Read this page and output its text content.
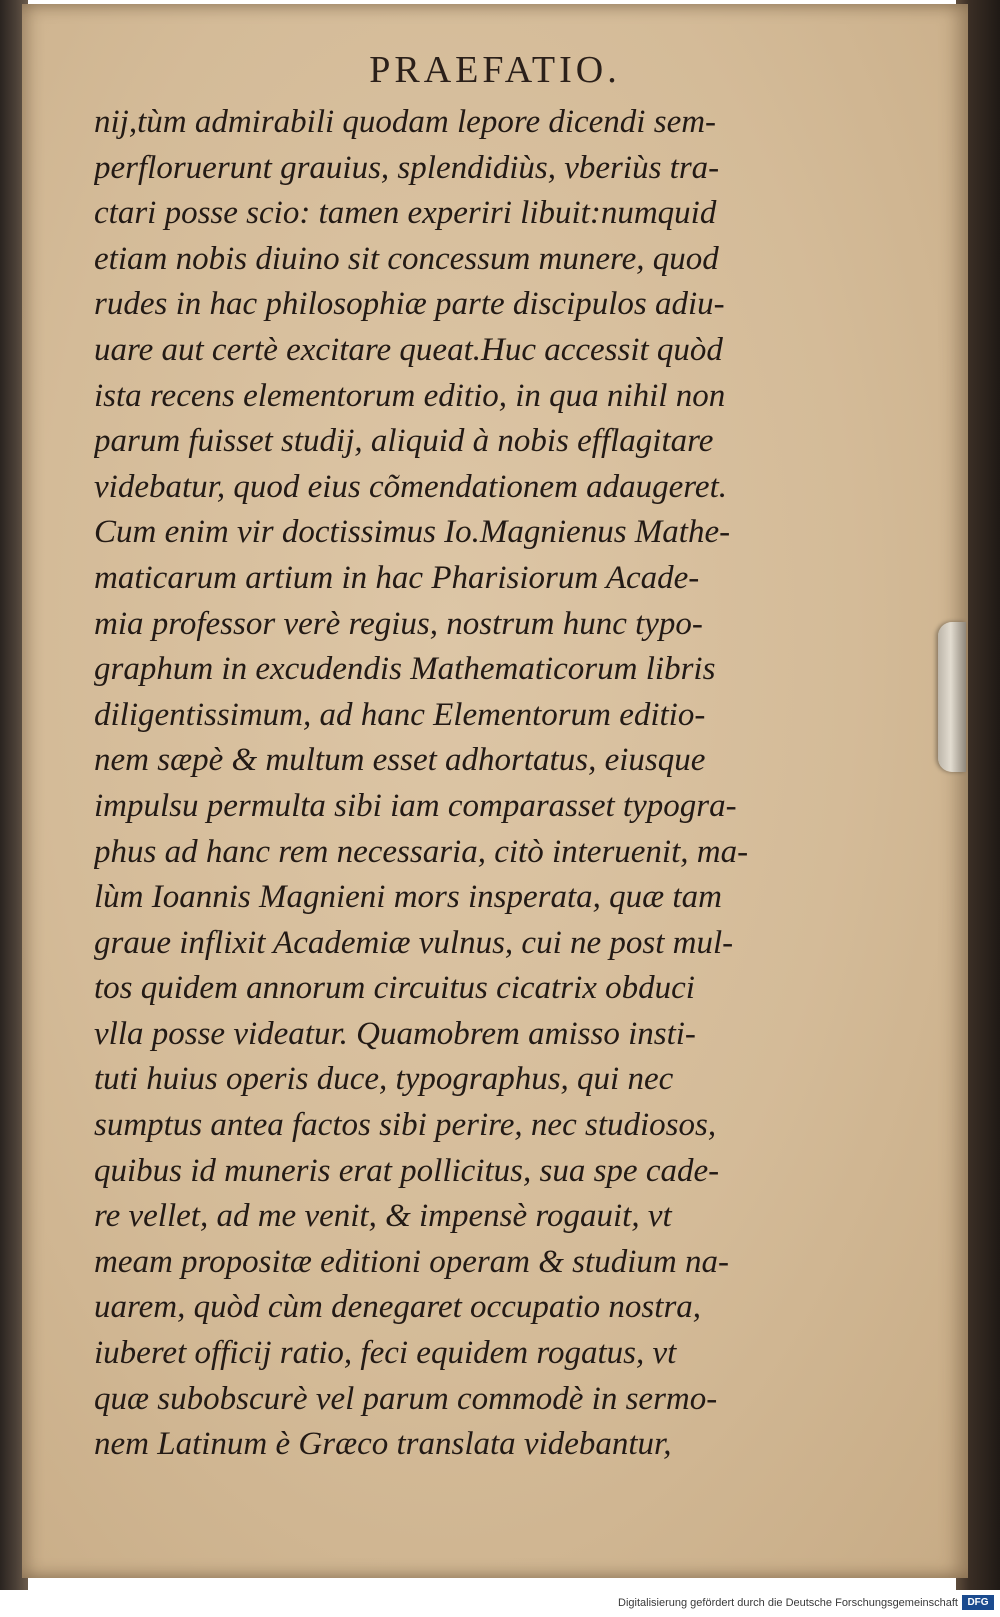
PRAEFATIO.
nij,tùm admirabili quodam lepore dicendi sem-
perfloruerunt grauius, splendidiùs, vberiùs tra-
ctari posse scio: tamen experiri libuit:numquid
etiam nobis diuino sit concessum munere, quod
rudes in hac philosophiæ parte discipulos adiu-
uare aut certè excitare queat.Huc accessit quòd
ista recens elementorum editio, in qua nihil non
parum fuisset studij, aliquid à nobis efflagitare
videbatur, quod eius cõmendationem adaugeret.
Cum enim vir doctissimus Io.Magnienus Mathe-
maticarum artium in hac Pharisiorum Acade-
mia professor verè regius, nostrum hunc typo-
graphum in excudendis Mathematicorum libris
diligentissimum, ad hanc Elementorum editio-
nem sæpè & multum esset adhortatus, eiusque
impulsu permulta sibi iam comparasset typogra-
phus ad hanc rem necessaria, citò interuenit, ma-
lùm Ioannis Magnieni mors insperata, quæ tam
graue inflixit Academiæ vulnus, cui ne post mul-
tos quidem annorum circuitus cicatrix obduci
vlla posse videatur. Quamobrem amisso insti-
tuti huius operis duce, typographus, qui nec
sumptus antea factos sibi perire, nec studiosos,
quibus id muneris erat pollicitus, sua spe cade-
re vellet, ad me venit, & impensè rogauit, vt
meam propositæ editioni operam & studium na-
uarem, quòd cùm denegaret occupatio nostra,
iuberet officij ratio, feci equidem rogatus, vt
quæ subobscurè vel parum commodè in sermo-
nem Latinum è Græco translata videbantur,
Digitalisierung gefördert durch die Deutsche Forschungsgemeinschaft DFG
